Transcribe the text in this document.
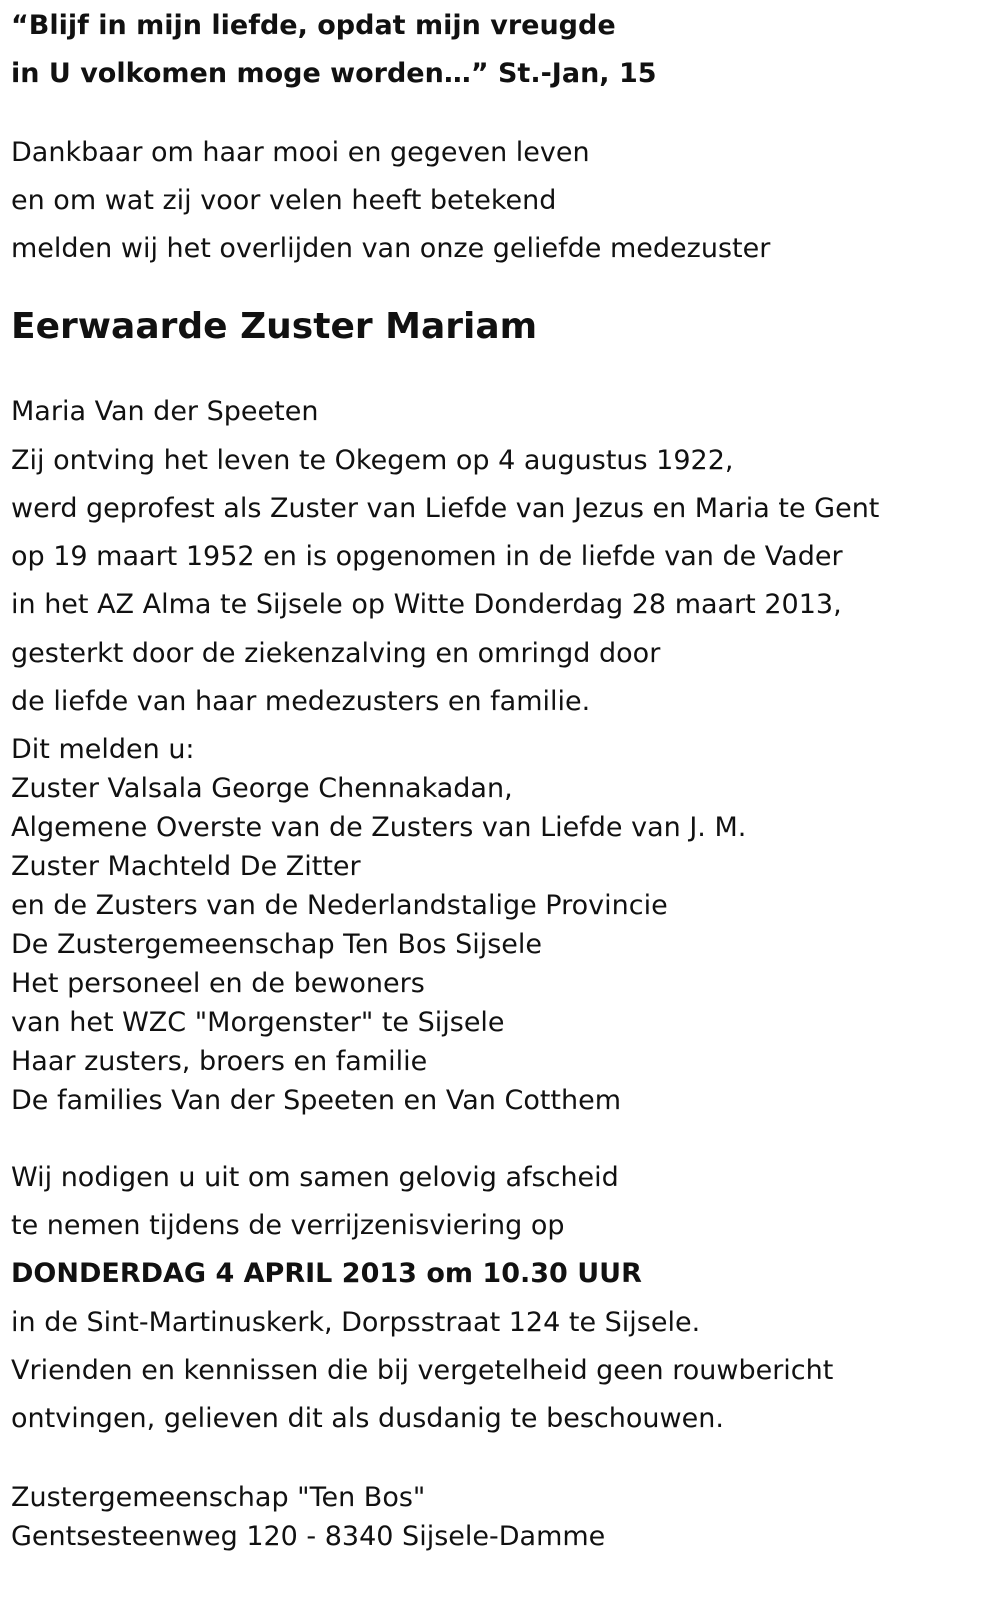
“Blijf in mijn liefde, opdat mijn vreugde
in U volkomen moge worden…” St.-Jan, 15
Dankbaar om haar mooi en gegeven leven
en om wat zij voor velen heeft betekend
melden wij het overlijden van onze geliefde medezuster
Eerwaarde Zuster Mariam
Maria Van der Speeten
Zij ontving het leven te Okegem op 4 augustus 1922,
werd geprofest als Zuster van Liefde van Jezus en Maria te Gent
op 19 maart 1952 en is opgenomen in de liefde van de Vader
in het AZ Alma te Sijsele op Witte Donderdag 28 maart 2013,
gesterkt door de ziekenzalving en omringd door
de liefde van haar medezusters en familie.
Dit melden u:
Zuster Valsala George Chennakadan,
Algemene Overste van de Zusters van Liefde van J. M.
Zuster Machteld De Zitter
en de Zusters van de Nederlandstalige Provincie
De Zustergemeenschap Ten Bos Sijsele
Het personeel en de bewoners
van het WZC "Morgenster" te Sijsele
Haar zusters, broers en familie
De families Van der Speeten en Van Cotthem
Wij nodigen u uit om samen gelovig afscheid
te nemen tijdens de verrijzenisviering op
DONDERDAG 4 APRIL 2013 om 10.30 UUR
in de Sint-Martinuskerk, Dorpsstraat 124 te Sijsele.
Vrienden en kennissen die bij vergetelheid geen rouwbericht
ontvingen, gelieven dit als dusdanig te beschouwen.
Zustergemeenschap "Ten Bos"
Gentsesteenweg 120 - 8340 Sijsele-Damme
